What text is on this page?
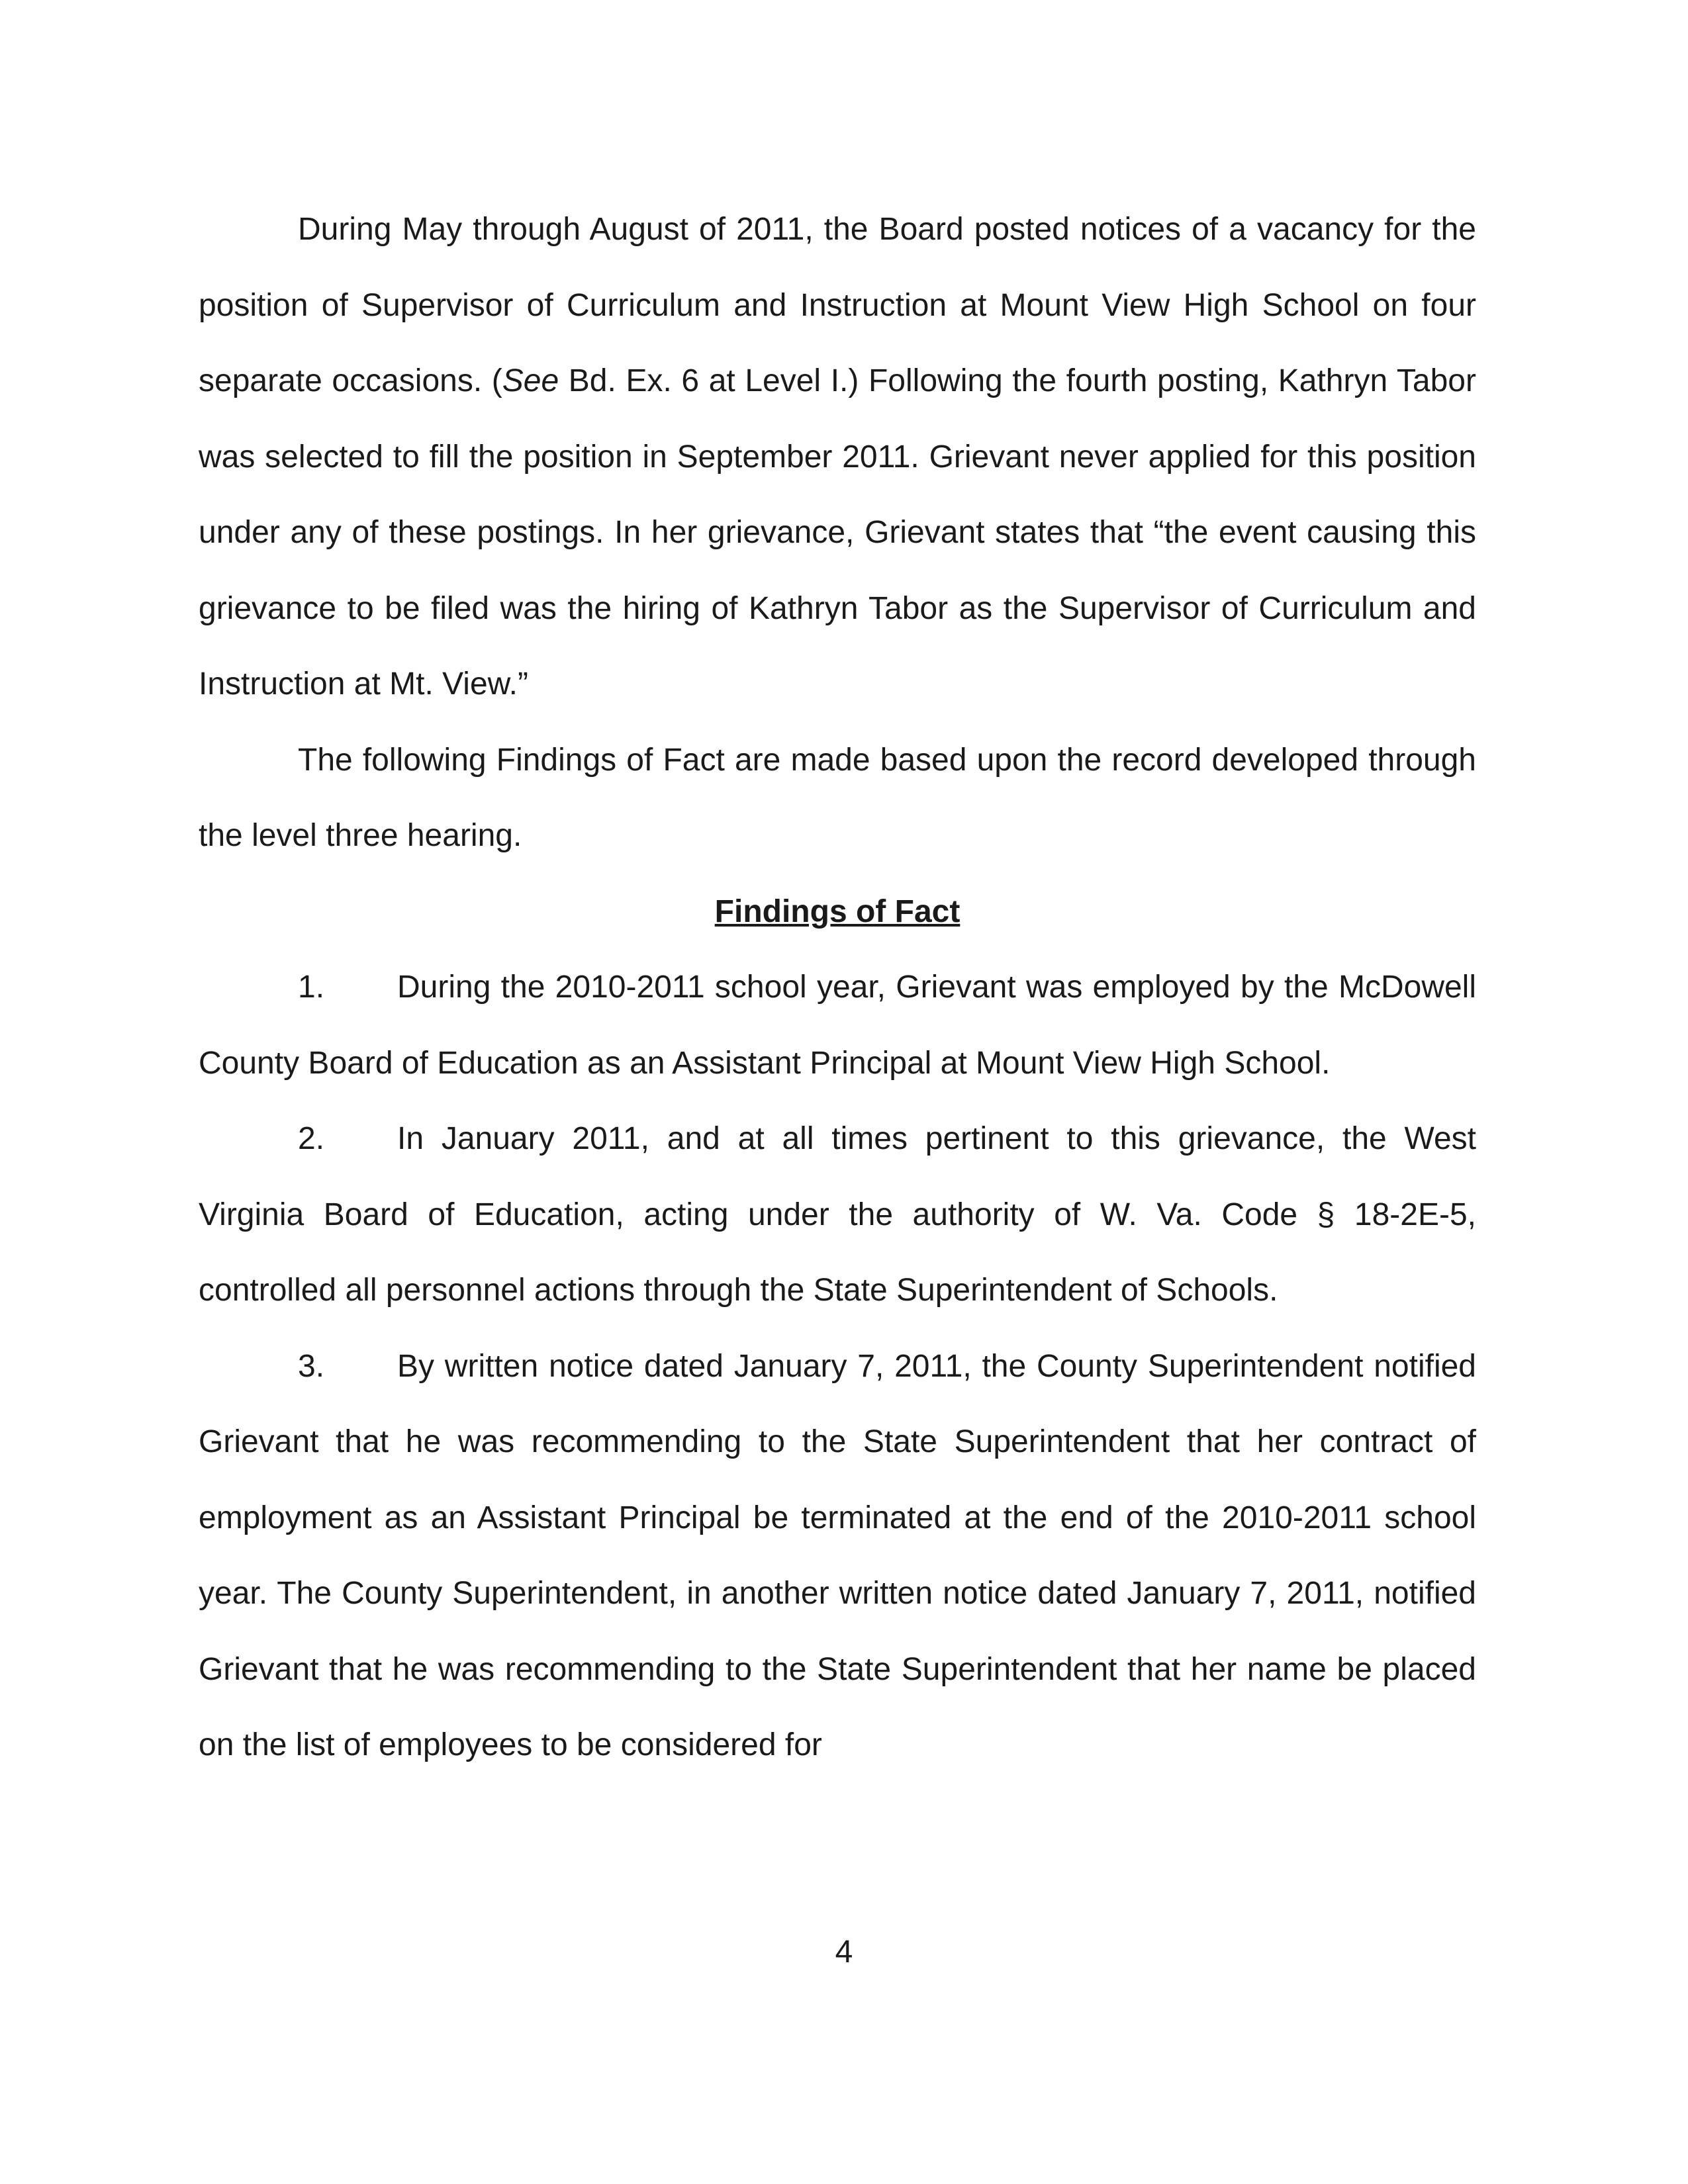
During May through August of 2011, the Board posted notices of a vacancy for the position of Supervisor of Curriculum and Instruction at Mount View High School on four separate occasions. (See Bd. Ex. 6 at Level I.) Following the fourth posting, Kathryn Tabor was selected to fill the position in September 2011. Grievant never applied for this position under any of these postings. In her grievance, Grievant states that “the event causing this grievance to be filed was the hiring of Kathryn Tabor as the Supervisor of Curriculum and Instruction at Mt. View.”

The following Findings of Fact are made based upon the record developed through the level three hearing.

Findings of Fact

1. During the 2010-2011 school year, Grievant was employed by the McDowell County Board of Education as an Assistant Principal at Mount View High School.

2. In January 2011, and at all times pertinent to this grievance, the West Virginia Board of Education, acting under the authority of W. Va. Code § 18-2E-5, controlled all personnel actions through the State Superintendent of Schools.

3. By written notice dated January 7, 2011, the County Superintendent notified Grievant that he was recommending to the State Superintendent that her contract of employment as an Assistant Principal be terminated at the end of the 2010-2011 school year. The County Superintendent, in another written notice dated January 7, 2011, notified Grievant that he was recommending to the State Superintendent that her name be placed on the list of employees to be considered for

4
